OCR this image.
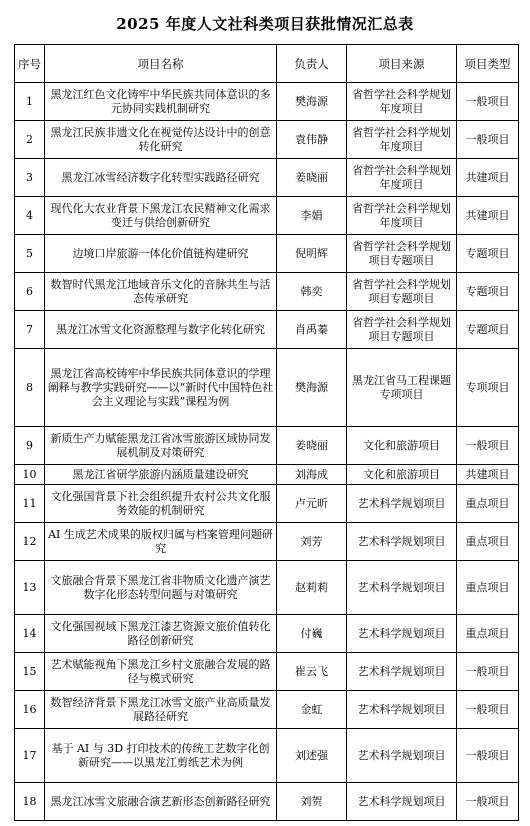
2025 年度人文社科类项目获批情况汇总表
序号	项目名称	负责人	项目来源	项目类型
1	黑龙江红色文化铸牢中华民族共同体意识的多元协同实践机制研究	樊海源	省哲学社会科学规划年度项目	一般项目
2	黑龙江民族非遗文化在视觉传达设计中的创意转化研究	袁伟静	省哲学社会科学规划年度项目	一般项目
3	黑龙江冰雪经济数字化转型实践路径研究	姜晓丽	省哲学社会科学规划年度项目	共建项目
4	现代化大农业背景下黑龙江农民精神文化需求变迁与供给创新研究	李娟	省哲学社会科学规划年度项目	共建项目
5	边境口岸旅游一体化价值链构建研究	倪明辉	省哲学社会科学规划项目专题项目	专题项目
6	数智时代黑龙江地域音乐文化的音脉共生与活态传承研究	韩奕	省哲学社会科学规划项目专题项目	专题项目
7	黑龙江冰雪文化资源整理与数字化转化研究	肖禹蓁	省哲学社会科学规划项目专题项目	专题项目
8	黑龙江省高校铸牢中华民族共同体意识的学理阐释与教学实践研究——以“新时代中国特色社会主义理论与实践”课程为例	樊海源	黑龙江省马工程课题专项项目	专项项目
9	新质生产力赋能黑龙江省冰雪旅游区域协同发展机制及对策研究	姜晓丽	文化和旅游项目	一般项目
10	黑龙江省研学旅游内涵质量建设研究	刘海成	文化和旅游项目	共建项目
11	文化强国背景下社会组织提升农村公共文化服务效能的机制研究	卢元昕	艺术科学规划项目	重点项目
12	AI 生成艺术成果的版权归属与档案管理问题研究	刘芳	艺术科学规划项目	重点项目
13	文旅融合背景下黑龙江省非物质文化遗产演艺数字化形态转型问题与对策研究	赵莉莉	艺术科学规划项目	重点项目
14	文化强国视域下黑龙江漆艺资源文旅价值转化路径创新研究	付巍	艺术科学规划项目	重点项目
15	艺术赋能视角下黑龙江乡村文旅融合发展的路径与模式研究	崔云飞	艺术科学规划项目	一般项目
16	数智经济背景下黑龙江冰雪文旅产业高质量发展路径研究	金虹	艺术科学规划项目	一般项目
17	基于 AI 与 3D 打印技术的传统工艺数字化创新研究——以黑龙江剪纸艺术为例	刘述强	艺术科学规划项目	一般项目
18	黑龙江冰雪文旅融合演艺新形态创新路径研究	刘贺	艺术科学规划项目	一般项目
